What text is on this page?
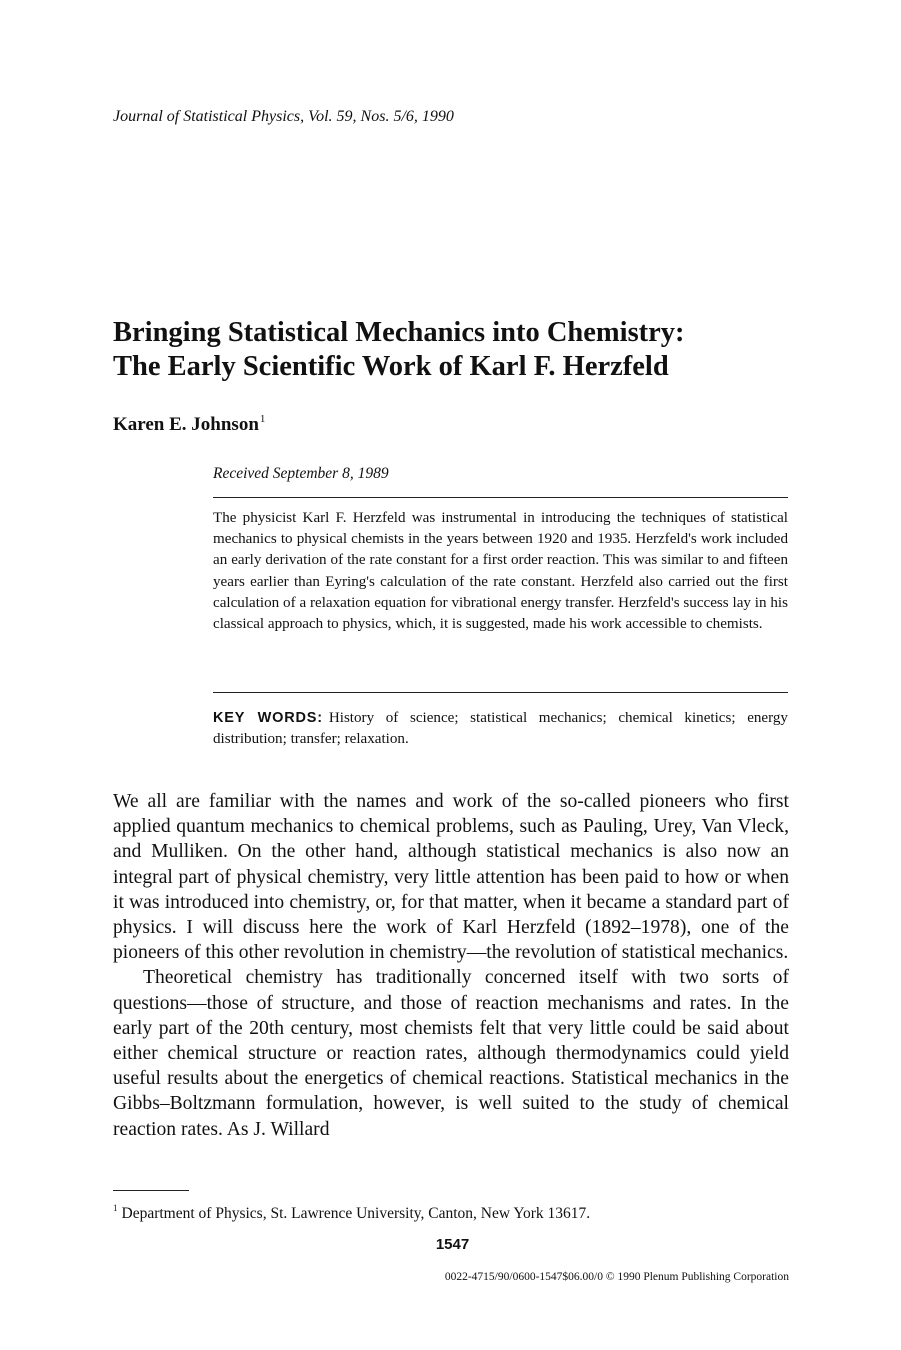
Journal of Statistical Physics, Vol. 59, Nos. 5/6, 1990
Bringing Statistical Mechanics into Chemistry:
The Early Scientific Work of Karl F. Herzfeld
Karen E. Johnson$^1$
Received September 8, 1989
The physicist Karl F. Herzfeld was instrumental in introducing the techniques of statistical mechanics to physical chemists in the years between 1920 and 1935. Herzfeld's work included an early derivation of the rate constant for a first order reaction. This was similar to and fifteen years earlier than Eyring's calculation of the rate constant. Herzfeld also carried out the first calculation of a relaxation equation for vibrational energy transfer. Herzfeld's success lay in his classical approach to physics, which, it is suggested, made his work accessible to chemists.
KEY WORDS: History of science; statistical mechanics; chemical kinetics; energy distribution; transfer; relaxation.

We all are familiar with the names and work of the so-called pioneers who first applied quantum mechanics to chemical problems, such as Pauling, Urey, Van Vleck, and Mulliken. On the other hand, although statistical mechanics is also now an integral part of physical chemistry, very little attention has been paid to how or when it was introduced into chemistry, or, for that matter, when it became a standard part of physics. I will discuss here the work of Karl Herzfeld (1892–1978), one of the pioneers of this other revolution in chemistry—the revolution of statistical mechanics.

Theoretical chemistry has traditionally concerned itself with two sorts of questions—those of structure, and those of reaction mechanisms and rates. In the early part of the 20th century, most chemists felt that very little could be said about either chemical structure or reaction rates, although thermodynamics could yield useful results about the energetics of chemical reactions. Statistical mechanics in the Gibbs–Boltzmann formulation, however, is well suited to the study of chemical reaction rates. As J. Willard

$^1$ Department of Physics, St. Lawrence University, Canton, New York 13617.
1547
0022-4715/90/0600-1547$06.00/0 © 1990 Plenum Publishing Corporation
